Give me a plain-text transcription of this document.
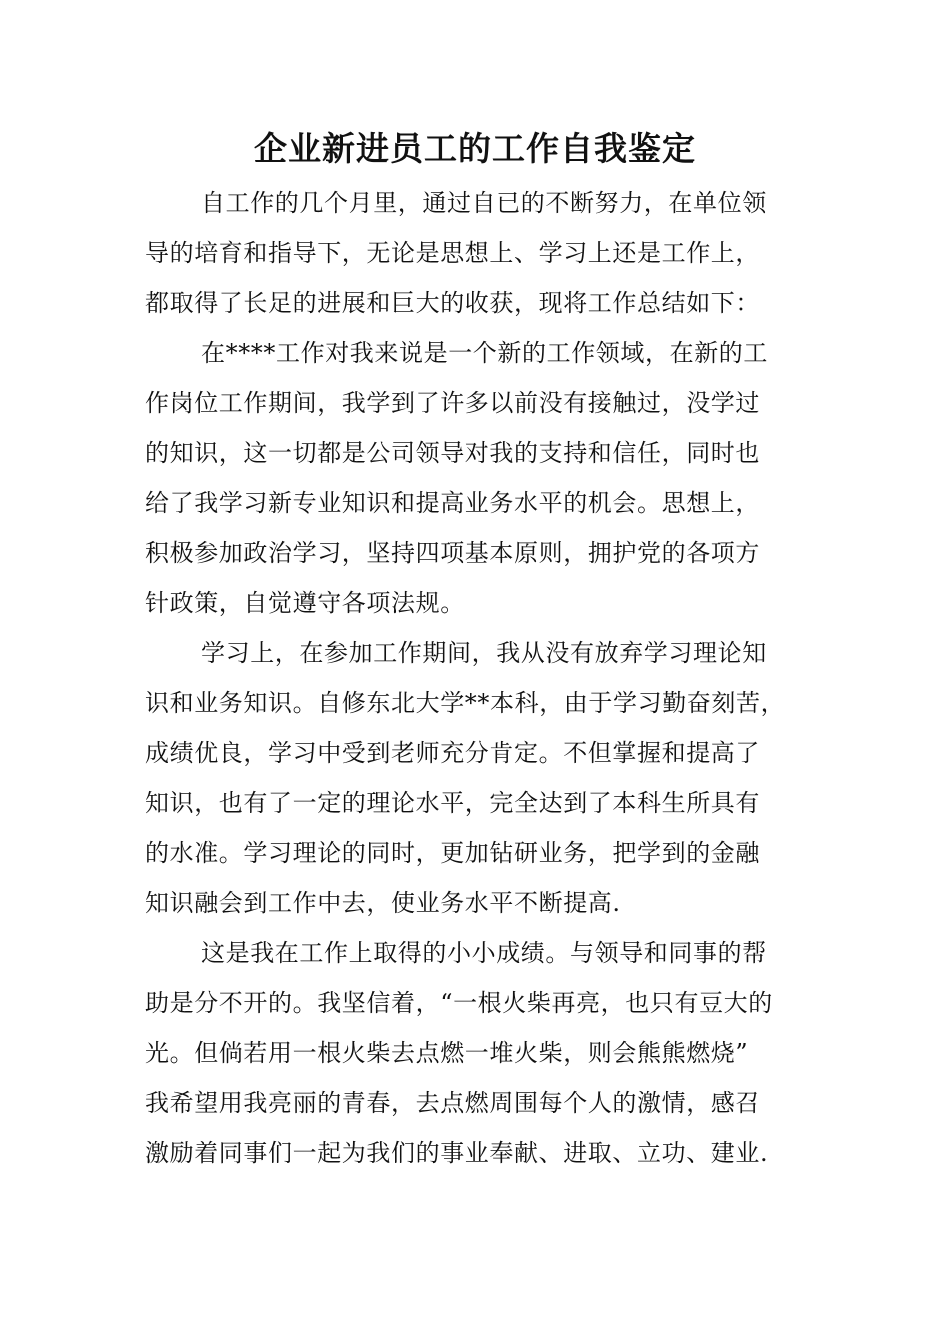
企业新进员工的工作自我鉴定

自工作的几个月里，通过自已的不断努力，在单位领
导的培育和指导下，无论是思想上、学习上还是工作上，
都取得了长足的进展和巨大的收获，现将工作总结如下：

在****工作对我来说是一个新的工作领域，在新的工
作岗位工作期间，我学到了许多以前没有接触过，没学过
的知识，这一切都是公司领导对我的支持和信任，同时也
给了我学习新专业知识和提高业务水平的机会。思想上，
积极参加政治学习，坚持四项基本原则，拥护党的各项方
针政策，自觉遵守各项法规。

学习上，在参加工作期间，我从没有放弃学习理论知
识和业务知识。自修东北大学**本科，由于学习勤奋刻苦，
成绩优良，学习中受到老师充分肯定。不但掌握和提高了
知识，也有了一定的理论水平，完全达到了本科生所具有
的水准。学习理论的同时，更加钻研业务，把学到的金融
知识融会到工作中去，使业务水平不断提高.

这是我在工作上取得的小小成绩。与领导和同事的帮
助是分不开的。我坚信着，“一根火柴再亮，也只有豆大的
光。但倘若用一根火柴去点燃一堆火柴，则会熊熊燃烧”
我希望用我亮丽的青春，去点燃周围每个人的激情，感召
激励着同事们一起为我们的事业奉献、进取、立功、建业.
